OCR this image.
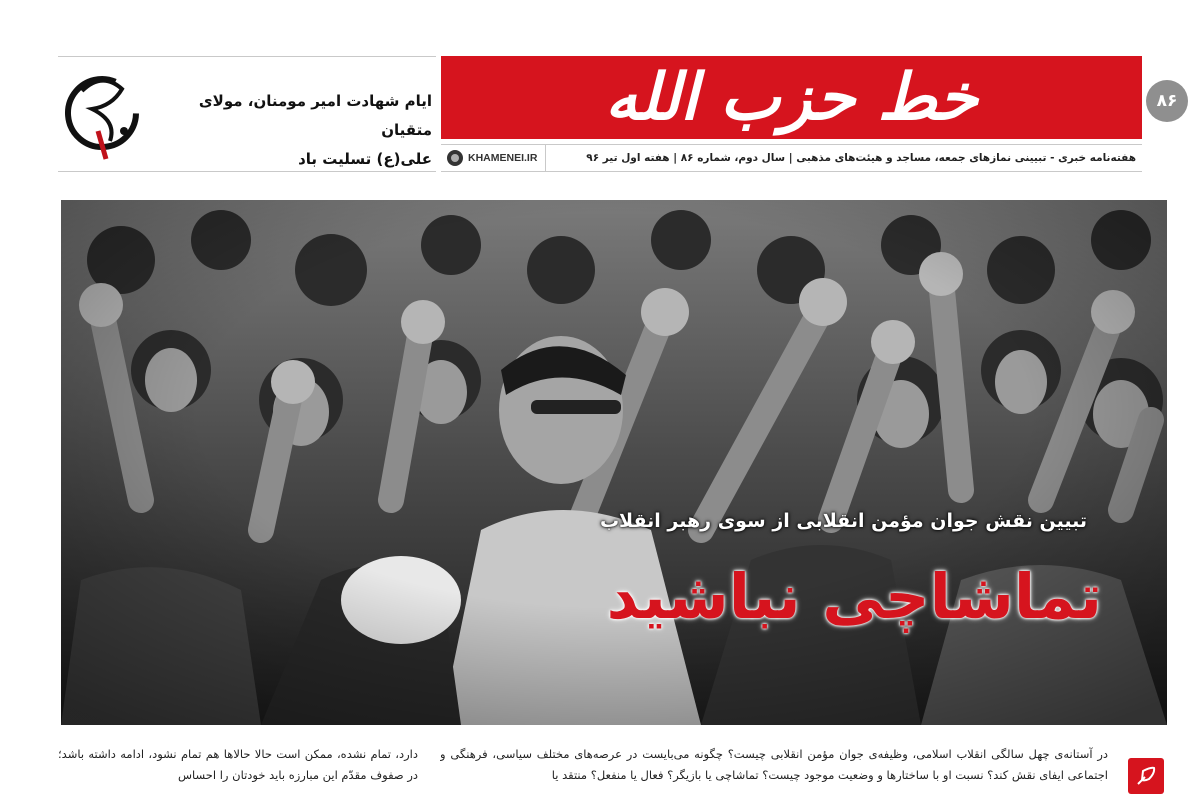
۸۶
خط حزب الله
هفته‌نامه خبری - تبیینی نمازهای جمعه، مساجد و هیئت‌های مذهبی | سال دوم، شماره ۸۶ | هفته اول تیر ۹۶
KHAMENEI.IR
ایام شهادت امیر مومنان، مولای متقیان
علی(ع) تسلیت باد
تبیین نقش جوان مؤمن انقلابی از سوی رهبر انقلاب
تماشاچی نباشید
در آستانه‌ی چهل سالگی انقلاب اسلامی، وظیفه‌ی جوان مؤمن انقلابی چیست؟ چگونه می‌بایست در عرصه‌های مختلف سیاسی، فرهنگی و اجتماعی ایفای نقش کند؟ نسبت او با ساختارها و وضعیت موجود چیست؟ تماشاچی یا بازیگر؟ فعال یا منفعل؟ منتقد یا
دارد، تمام نشده، ممکن است حالا حالاها هم تمام نشود، ادامه داشته باشد؛ در صفوف مقدّم این مبارزه باید خودتان را احساس
